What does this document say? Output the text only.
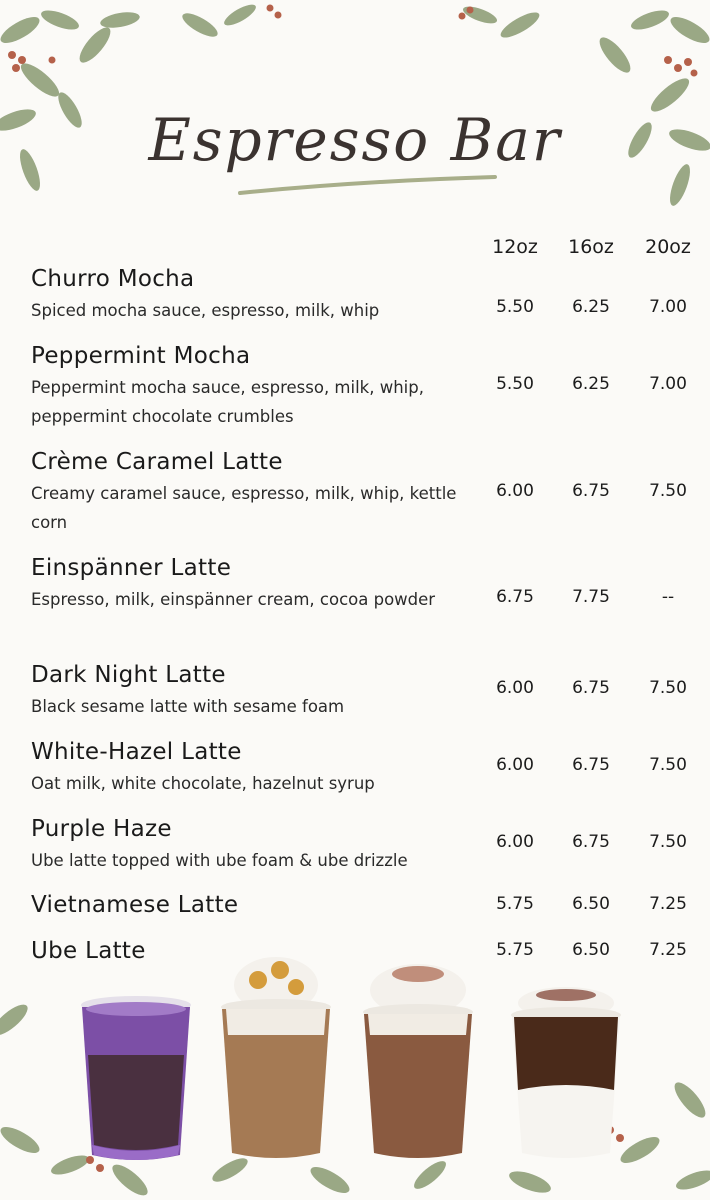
Espresso Bar
12oz	16oz	20oz
Churro Mocha
Spiced mocha sauce, espresso, milk, whip	5.50	6.25	7.00
Peppermint Mocha
Peppermint mocha sauce, espresso, milk, whip, peppermint chocolate crumbles
5.50	6.25	7.00
Crème Caramel Latte
Creamy caramel sauce, espresso, milk, whip, kettle corn
6.00	6.75	7.50
Einspänner Latte
Espresso, milk, einspänner cream, cocoa powder	6.75	7.75	--
Dark Night Latte
Black sesame latte with sesame foam
6.00	6.75	7.50
White-Hazel Latte
Oat milk, white chocolate, hazelnut syrup
6.00	6.75	7.50
Purple Haze
Ube latte topped with ube foam & ube drizzle
6.00	6.75	7.50
Vietnamese Latte	5.75	6.50	7.25
Ube Latte	5.75	6.50	7.25
